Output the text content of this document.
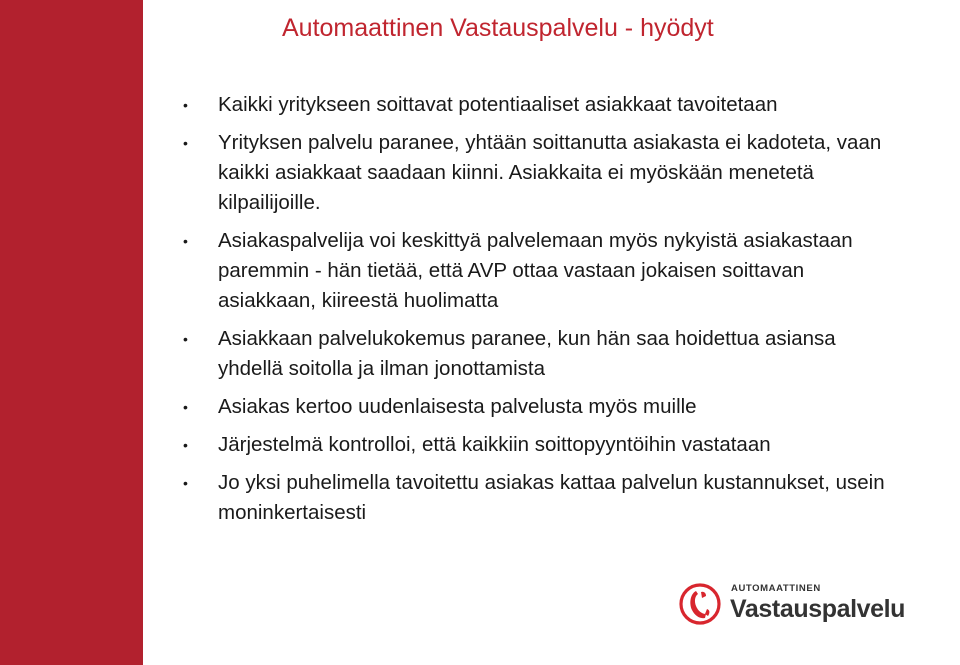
Automaattinen Vastauspalvelu - hyödyt
•	Kaikki yritykseen soittavat potentiaaliset asiakkaat tavoitetaan
•	Yrityksen palvelu paranee, yhtään soittanutta asiakasta ei kadoteta, vaan kaikki asiakkaat saadaan kiinni. Asiakkaita ei myöskään menetetä kilpailijoille.
•	Asiakaspalvelija voi keskittyä palvelemaan myös nykyistä asiakastaan paremmin - hän tietää, että AVP ottaa vastaan jokaisen soittavan asiakkaan, kiireestä huolimatta
•	Asiakkaan palvelukokemus paranee, kun hän saa hoidettua asiansa yhdellä soitolla ja ilman jonottamista
•	Asiakas kertoo uudenlaisesta palvelusta myös muille
•	Järjestelmä kontrolloi, että kaikkiin soittopyyntöihin vastataan
•	Jo yksi puhelimella tavoitettu asiakas kattaa palvelun kustannukset, usein moninkertaisesti
AUTOMAATTINEN
Vastauspalvelu
